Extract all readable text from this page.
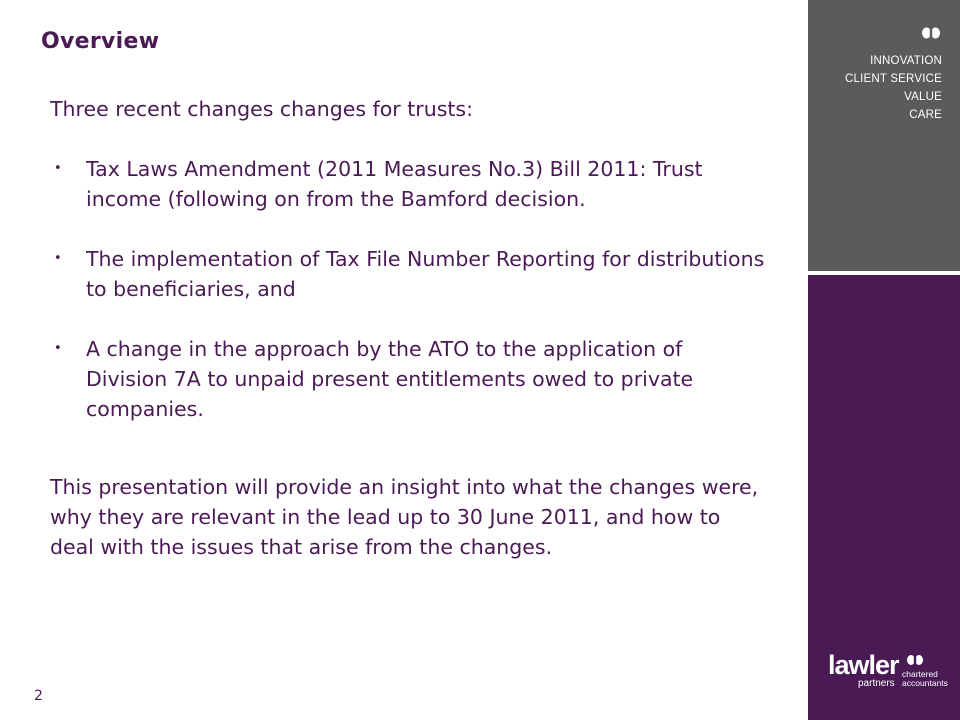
Overview
Three recent changes changes for trusts:
• Tax Laws Amendment (2011 Measures No.3) Bill 2011: Trust income (following on from the Bamford decision.
• The implementation of Tax File Number Reporting for distributions to beneficiaries, and
• A change in the approach by the ATO to the application of Division 7A to unpaid present entitlements owed to private companies.
This presentation will provide an insight into what the changes were, why they are relevant in the lead up to 30 June 2011, and how to deal with the issues that arise from the changes.
2
INNOVATION
CLIENT SERVICE
VALUE
CARE
lawler
partners
chartered
accountants
